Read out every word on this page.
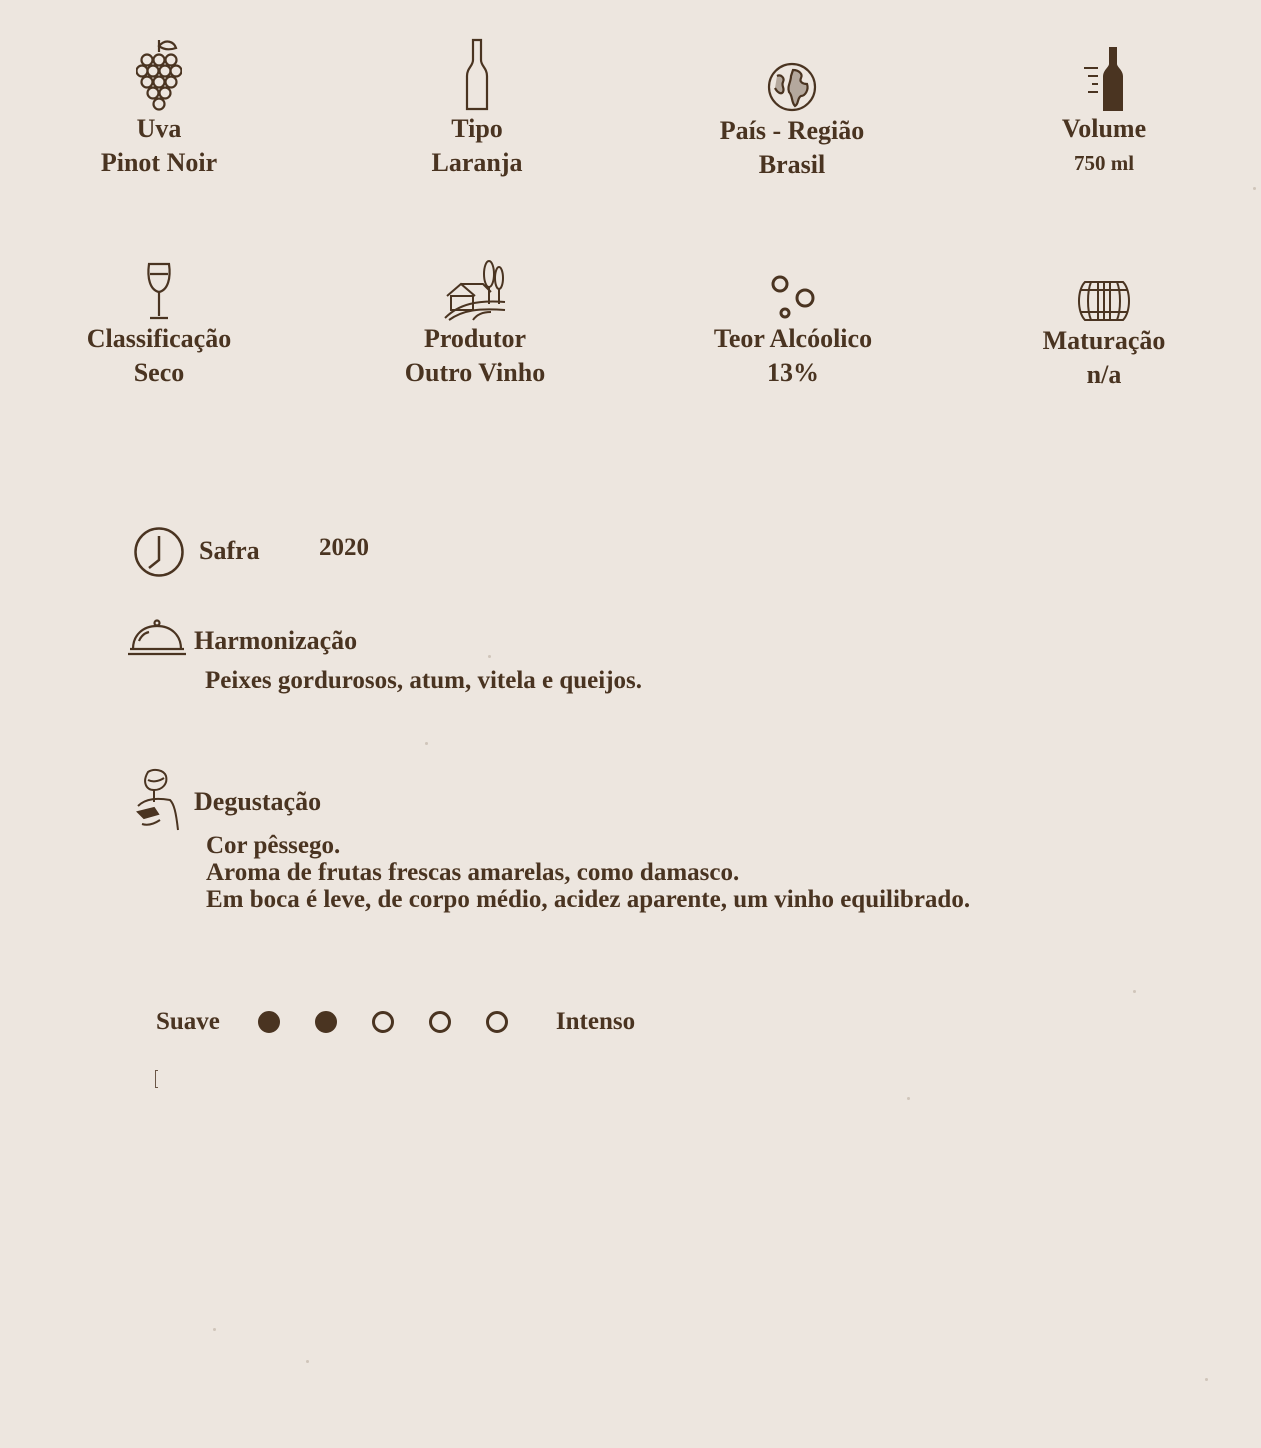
Uva
Pinot Noir
Tipo
Laranja
País - Região
Brasil
Volume
750 ml
Classificação
Seco
Produtor
Outro Vinho
Teor Alcóolico
13%
Maturação
n/a
Safra 2020
Harmonização
Peixes gordurosos, atum, vitela e queijos.
Degustação
Cor pêssego.
Aroma de frutas frescas amarelas, como damasco.
Em boca é leve, de corpo médio, acidez aparente, um vinho equilibrado.
Suave	Intenso
